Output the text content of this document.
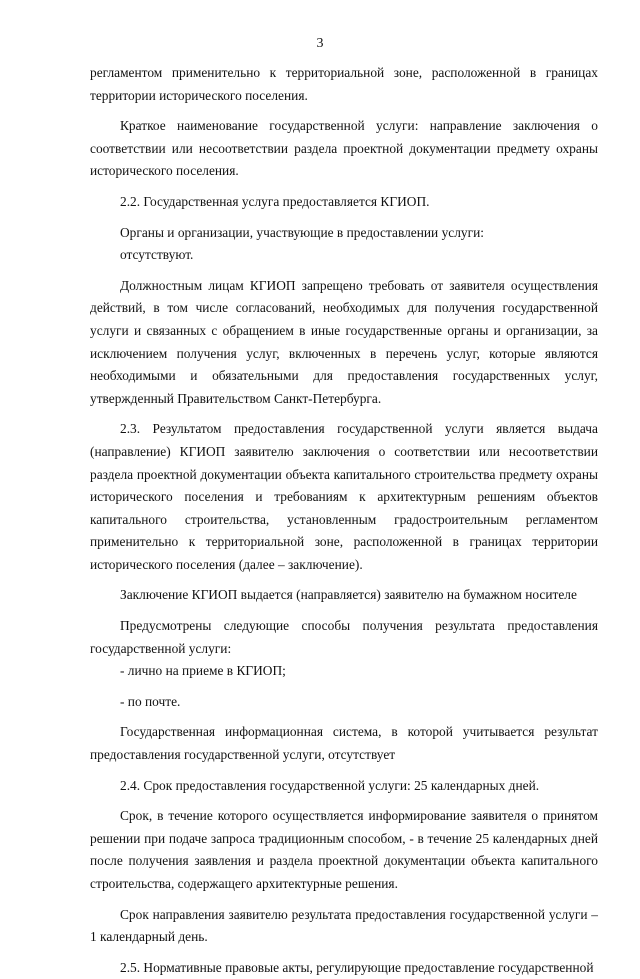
3

регламентом применительно к территориальной зоне, расположенной в границах территории исторического поселения.

Краткое наименование государственной услуги: направление заключения о соответствии или несоответствии раздела проектной документации предмету охраны исторического поселения.

2.2. Государственная услуга предоставляется КГИОП.

Органы и организации, участвующие в предоставлении услуги:

отсутствуют.

Должностным лицам КГИОП запрещено требовать от заявителя осуществления действий, в том числе согласований, необходимых для получения государственной услуги и связанных с обращением в иные государственные органы и организации, за исключением получения услуг, включенных в перечень услуг, которые являются необходимыми и обязательными для предоставления государственных услуг, утвержденный Правительством Санкт-Петербурга.

2.3. Результатом предоставления государственной услуги является выдача (направление) КГИОП заявителю заключения о соответствии или несоответствии раздела проектной документации объекта капитального строительства предмету охраны исторического поселения и требованиям к архитектурным решениям объектов капитального строительства, установленным градостроительным регламентом применительно к территориальной зоне, расположенной в границах территории исторического поселения (далее – заключение).

Заключение КГИОП выдается (направляется) заявителю на бумажном носителе

Предусмотрены следующие способы получения результата предоставления государственной услуги:

- лично на приеме в КГИОП;

- по почте.

Государственная информационная система, в которой учитывается результат предоставления государственной услуги, отсутствует

2.4. Срок предоставления государственной услуги: 25 календарных дней.

Срок, в течение которого осуществляется информирование заявителя о принятом решении при подаче запроса традиционным способом, - в течение 25 календарных дней после получения заявления и раздела проектной документации объекта капитального строительства, содержащего архитектурные решения.

Срок направления заявителю результата предоставления государственной услуги – 1 календарный день.

2.5. Нормативные правовые акты, регулирующие предоставление государственной
